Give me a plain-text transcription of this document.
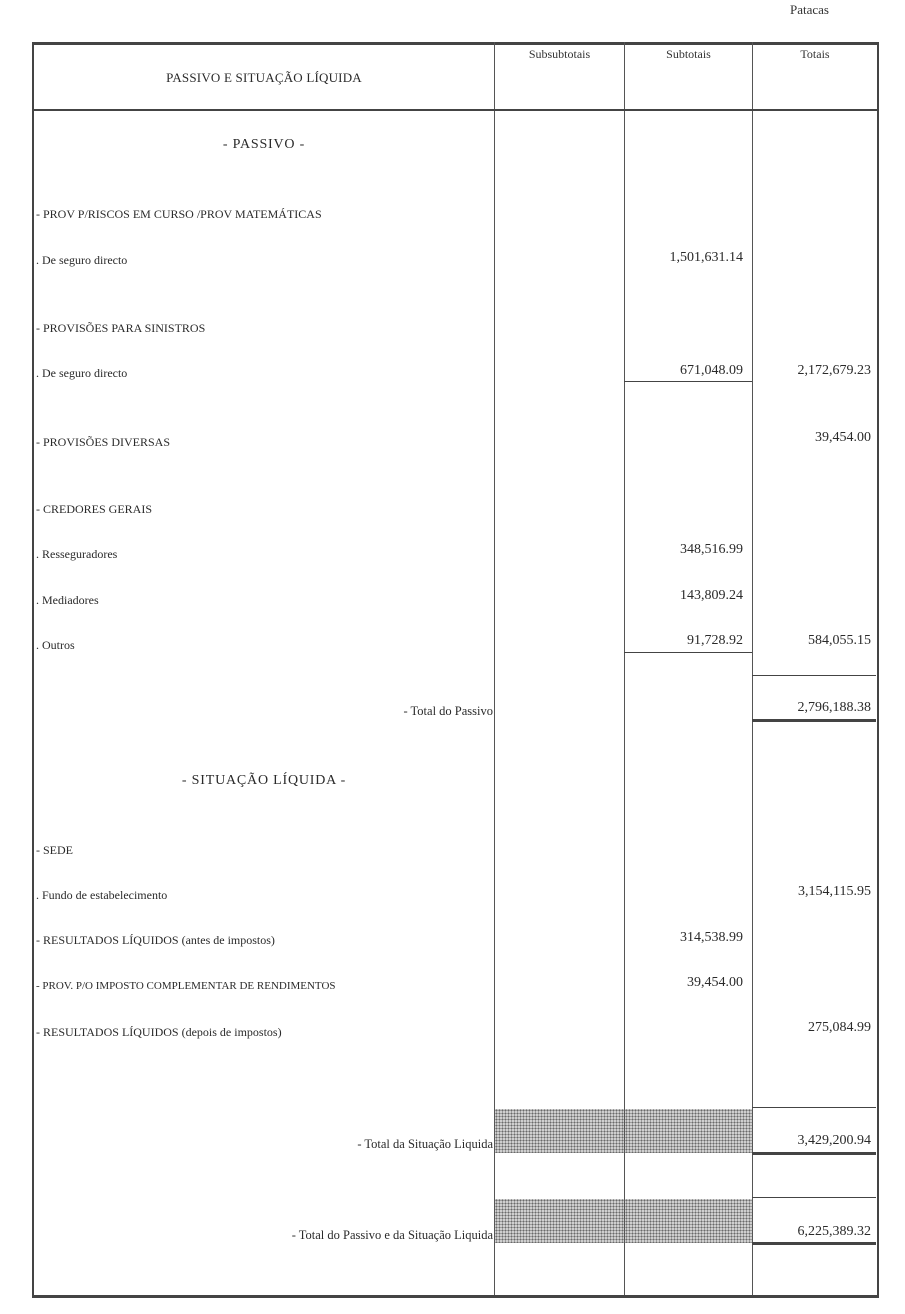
Patacas
Subsubtotais	Subtotais	Totais
PASSIVO E SITUAÇÃO LÍQUIDA
- PASSIVO -
- SITUAÇÃO LÍQUIDA -
- PROV P/RISCOS EM CURSO /PROV MATEMÁTICAS
. De seguro directo
- PROVISÕES PARA SINISTROS
. De seguro directo
- PROVISÕES DIVERSAS
- CREDORES GERAIS
. Resseguradores
. Mediadores
. Outros
- Total do Passivo
- SEDE
. Fundo de estabelecimento
- RESULTADOS LÍQUIDOS (antes de impostos)
- PROV. P/O IMPOSTO COMPLEMENTAR DE RENDIMENTOS
- RESULTADOS LÍQUIDOS (depois de impostos)
- Total da Situação Liquida
- Total do Passivo e da Situação Liquida
1,501,631.14
671,048.09
348,516.99
143,809.24
91,728.92
314,538.99
39,454.00
2,172,679.23
39,454.00
584,055.15
2,796,188.38
3,154,115.95
275,084.99
3,429,200.94
6,225,389.32
